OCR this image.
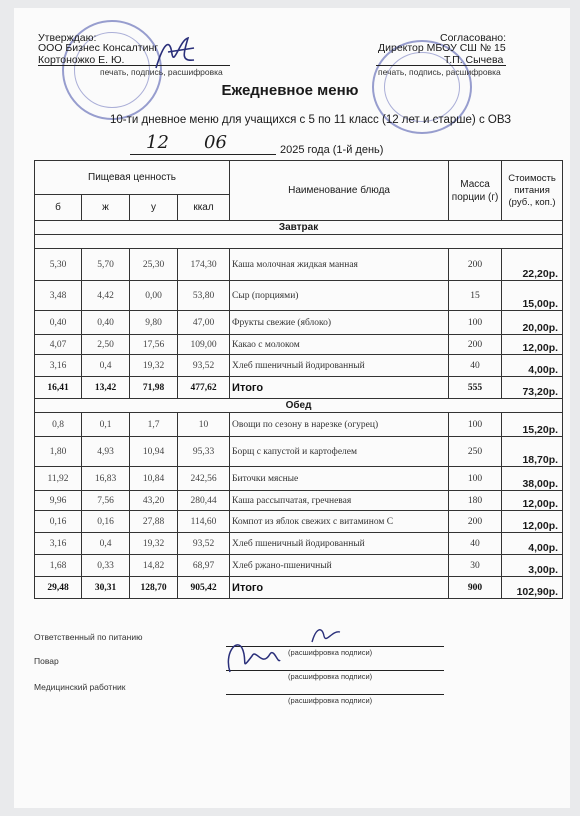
Утверждаю:
ООО Бизнес Консалтинг
Кортоножко Е. Ю.
печать, подпись, расшифровка
Согласовано:
Директор МБОУ СШ № 15
Т.П. Сычева
печать, подпись, расшифровка
Ежедневное меню
10-ти дневное меню для учащихся с 5 по 11 класс (12 лет и старше) с ОВЗ
12 06	2025 года (1-й день)
Пищевая ценность				Наименование блюда	Масса порции (г)	Стоимость питания (руб., коп.)
б	ж	у	ккал			
Завтрак						

5,30	5,70	25,30	174,30	Каша молочная жидкая манная	200	22,20р.
3,48	4,42	0,00	53,80	Сыр (порциями)	15	15,00р.
0,40	0,40	9,80	47,00	Фрукты свежие (яблоко)	100	20,00р.
4,07	2,50	17,56	109,00	Какао с молоком	200	12,00р.
3,16	0,4	19,32	93,52	Хлеб пшеничный йодированный	40	4,00р.
16,41	13,42	71,98	477,62	Итого	555	73,20р.
Обед						
0,8	0,1	1,7	10	Овощи по сезону в нарезке (огурец)	100	15,20р.
1,80	4,93	10,94	95,33	Борщ с капустой и картофелем	250	18,70р.
11,92	16,83	10,84	242,56	Биточки мясные	100	38,00р.
9,96	7,56	43,20	280,44	Каша рассыпчатая, гречневая	180	12,00р.
0,16	0,16	27,88	114,60	Компот из яблок свежих с витамином С	200	12,00р.
3,16	0,4	19,32	93,52	Хлеб пшеничный йодированный	40	4,00р.
1,68	0,33	14,82	68,97	Хлеб ржано-пшеничный	30	3,00р.
29,48	30,31	128,70	905,42	Итого	900	102,90р.
Ответственный по питанию
(расшифровка подписи)
Повар
(расшифровка подписи)
Медицинский работник
(расшифровка подписи)
